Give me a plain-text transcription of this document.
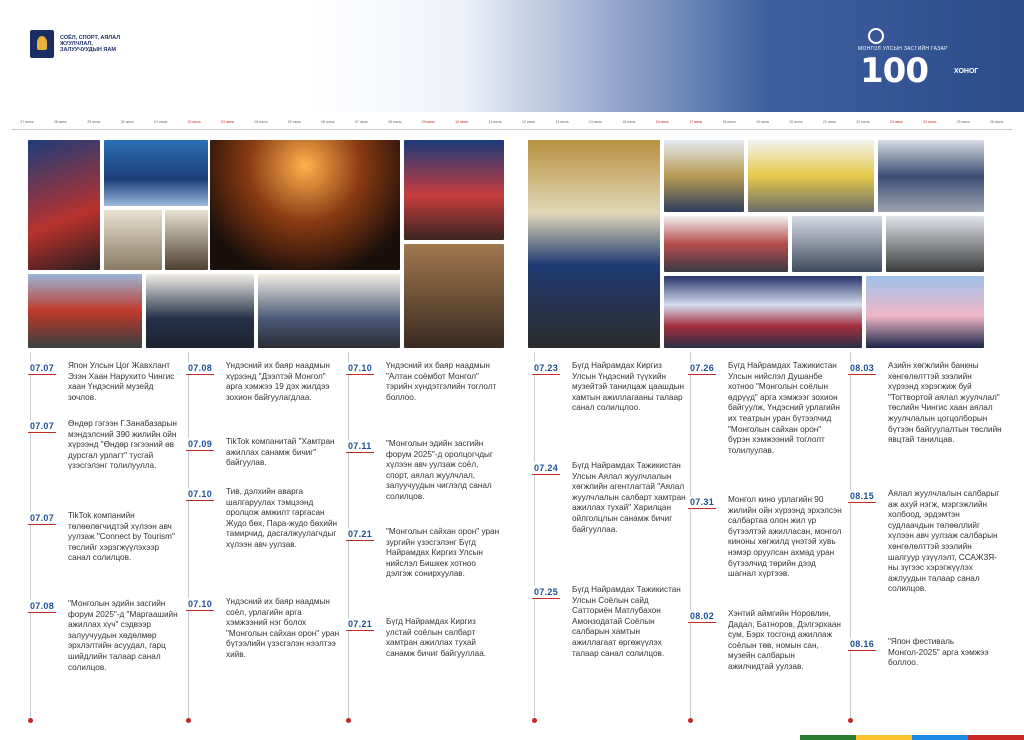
СОЁЛ, СПОРТ, АЯЛАЛ ЖУУЛЧЛАЛ, ЗАЛУУЧУУДЫН ЯАМ	МОНГОЛ УЛСЫН ЗАСГИЙН ГАЗАР
100	ХОНОГ
27 июнь	28 июнь	29 июнь	30 июнь	01 июль	02 июль	03 июль	04 июль	05 июль	06 июль	07 июль	08 июль	09 июль	10 июль	11 июль	12 июль	13 июль	14 июль	15 июль	16 июль	17 июль	18 июль	19 июль	20 июль	21 июль	22 июль	23 июль	24 июль	25 июль	26 июль
07.07 Япон Улсын Цог Жавхлант Эзэн Хаан Нарухито Чингис хаан Үндэсний музейд зочлов.
07.07 Өндөр гэгээн Г.Занабазарын мэндэлсний 390 жилийн ойн хүрээнд "Өндөр гэгээний өв дурсгал урлагт" тусгай үзэсгэлэнг толилуулла.
07.07 TikTok компанийн төлөөлөгчидтэй хүлээн авч уулзаж "Connect by Tourism" төслийг хэрэгжүүлэхээр санал солилцов.
07.08 "Монголын эдийн засгийн форум 2025"-д "Маргаашийн ажиллах хүч" сэдвээр залуучуудын хөдөлмөр эрхлэлтийн асуудал, гарц шийдлийн талаар санал солилцов.
07.08 Үндэсний их баяр наадмын хүрээнд "Дээлтэй Монгол" арга хэмжээ 19 дэх жилдээ зохион байгуулагдлаа.
07.09 TikTok компанитай "Хамтран ажиллах санамж бичиг" байгуулав.
07.10 Тив, дэлхийн аварга шалгаруулах тэмцээнд оролцож амжилт гаргасан Жудо бөх, Пара-жудо бөхийн тамирчид, дасгалжуулагчдыг хүлээн авч уулзав.
07.10 Үндэсний их баяр наадмын соёл, урлагийн арга хэмжээний нэг болох "Монголын сайхан орон" уран бүтээлийн үзэсгэлэн нээлтээ хийв.
07.10 Үндэсний их баяр наадмын "Алтан соёмбот Монгол" тэрийн хүндэтгэлийн тоглолт боллоо.
07.11 "Монголын эдийн засгийн форум 2025"-д оролцогчдыг хүлээн авч уулзаж соёл, спорт, аялал жуулчлал, залуучуудын чиглэлд санал солилцов.
07.21 "Монголын сайхан орон" уран зургийн үзэсгэлэнг Бүгд Найрамдах Киргиз Улсын нийслэл Бишкек хотноо дэлгэж сонирхуулав.
07.21 Бүгд Найрамдах Киргиз улстай соёлын салбарт хамтран ажиллах тухай санамж бичиг байгууллаа.
07.23 Бүгд Найрамдах Киргиз Улсын Үндэсний түүхийн музейтэй танилцаж цаашдын хамтын ажиллагааны талаар санал солилцлоо.
07.24 Бүгд Найрамдах Тажикистан Улсын Аялал жуулчлалын хөгжлийн агентлагтай "Аялал жуулчлалын салбарт хамтран ажиллах тухай" Харилцан ойлголцлын санамж бичиг байгууллаа.
07.25 Бүгд Найрамдах Тажикистан Улсын Соёлын сайд Сатториён Матлубахон Амонзодатай Соёлын салбарын хамтын ажиллагаат өргөжүүлэх талаар санал солилцов.
07.26 Бүгд Найрамдах Тажикистан Улсын нийслэл Душанбе хотноо "Монголын соёлын өдрүүд" арга хэмжээг зохион байгуулж, Үндэсний урлагийн их театрын уран бүтээлчид "Монголын сайхан орон" бүрэн хэмжээний тоглолт толилуулав.
07.31 Монгол кино урлагийн 90 жилийн ойн хүрээнд эрхэлсэн салбартаа олон жил үр бүтээлтэй ажилласан, монгол киноны хөгжилд үнэтэй хувь нэмэр оруулсан ахмад уран бүтээлчид төрийн дээд шагнал хүртээв.
08.02 Хэнтий аймгийн Норовлин, Дадал, Батноров, Дэлгэрхаан сум, Бэрх тосгонд ажиллаж соёлын төв, номын сан, музейн салбарын ажилчидтай уулзав.
08.03 Азийн хөгжлийн банкны хөнгөлөлттэй зээлийн хүрээнд хэрэгжиж буй "Тогтвортой аялал жуулчлал" төслийн Чингис хаан аялал жуулчлалын цогцолборын бүтээн байгуулалтын төслийн явцтай танилцав.
08.15 Аялал жуулчлалын салбарыг аж ахуй нэгж, мэргэжлийн холбоод, эрдэмтэн судлаачдын төлөөллийг хүлээн авч уулзаж салбарын хөнгөлөлттэй зээлийн шалгуур үзүүлэлт, ССАЖЗЯ-ны зүгээс хэрэгжүүлэх ажлуудын талаар санал солилцов.
08.16 "Япон фестиваль Монгол-2025" арга хэмжээ боллоо.
